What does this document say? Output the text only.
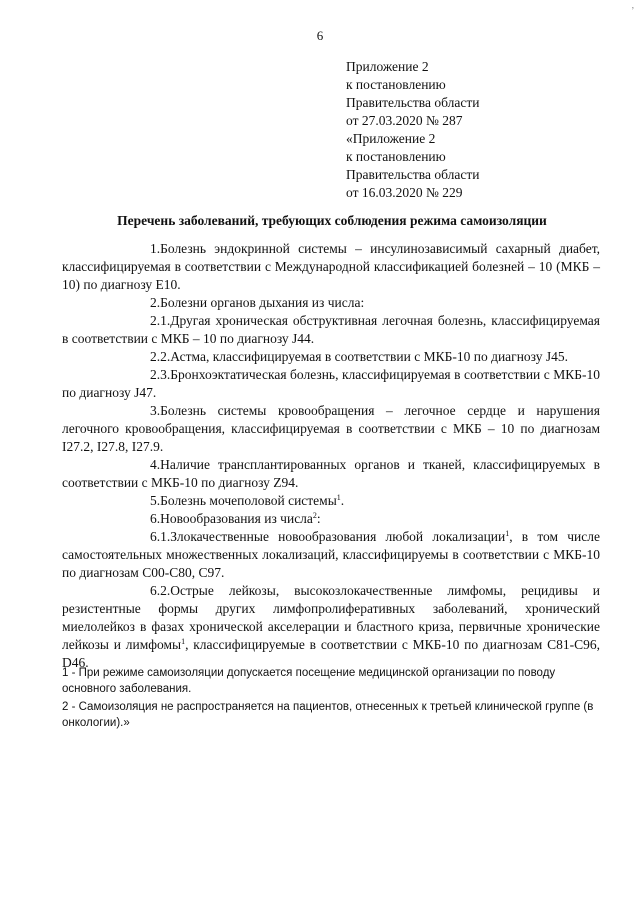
,
6
Приложение 2
к постановлению
Правительства области
от 27.03.2020 № 287
«Приложение 2
к постановлению
Правительства области
от 16.03.2020 № 229
Перечень заболеваний, требующих соблюдения режима самоизоляции

1.Болезнь эндокринной системы – инсулинозависимый сахарный диабет, классифицируемая в соответствии с Международной классификацией болезней – 10 (МКБ – 10) по диагнозу E10.

2.Болезни органов дыхания из числа:

2.1.Другая хроническая обструктивная легочная болезнь, классифицируемая в соответствии с МКБ – 10 по диагнозу J44.

2.2.Астма, классифицируемая в соответствии с МКБ-10 по диагнозу J45.

2.3.Бронхоэктатическая болезнь, классифицируемая в соответствии с МКБ-10 по диагнозу J47.

3.Болезнь системы кровообращения – легочное сердце и нарушения легочного кровообращения, классифицируемая в соответствии с МКБ – 10 по диагнозам I27.2, I27.8, I27.9.

4.Наличие трансплантированных органов и тканей, классифицируемых в соответствии с МКБ-10 по диагнозу Z94.

5.Болезнь мочеполовой системы$^1$.

6.Новообразования из числа$^2$:

6.1.Злокачественные новообразования любой локализации$^1$, в том числе самостоятельных множественных локализаций, классифицируемы в соответствии с МКБ-10 по диагнозам C00-C80, C97.

6.2.Острые лейкозы, высокозлокачественные лимфомы, рецидивы и резистентные формы других лимфопролиферативных заболеваний, хронический миелолейкоз в фазах хронической акселерации и бластного криза, первичные хронические лейкозы и лимфомы$^1$, классифицируемые в соответствии с МКБ-10 по диагнозам C81-C96, D46.

1 - При режиме самоизоляции допускается посещение медицинской организации по поводу основного заболевания.

2 - Самоизоляция не распространяется на пациентов, отнесенных к третьей клинической группе (в онкологии).»
